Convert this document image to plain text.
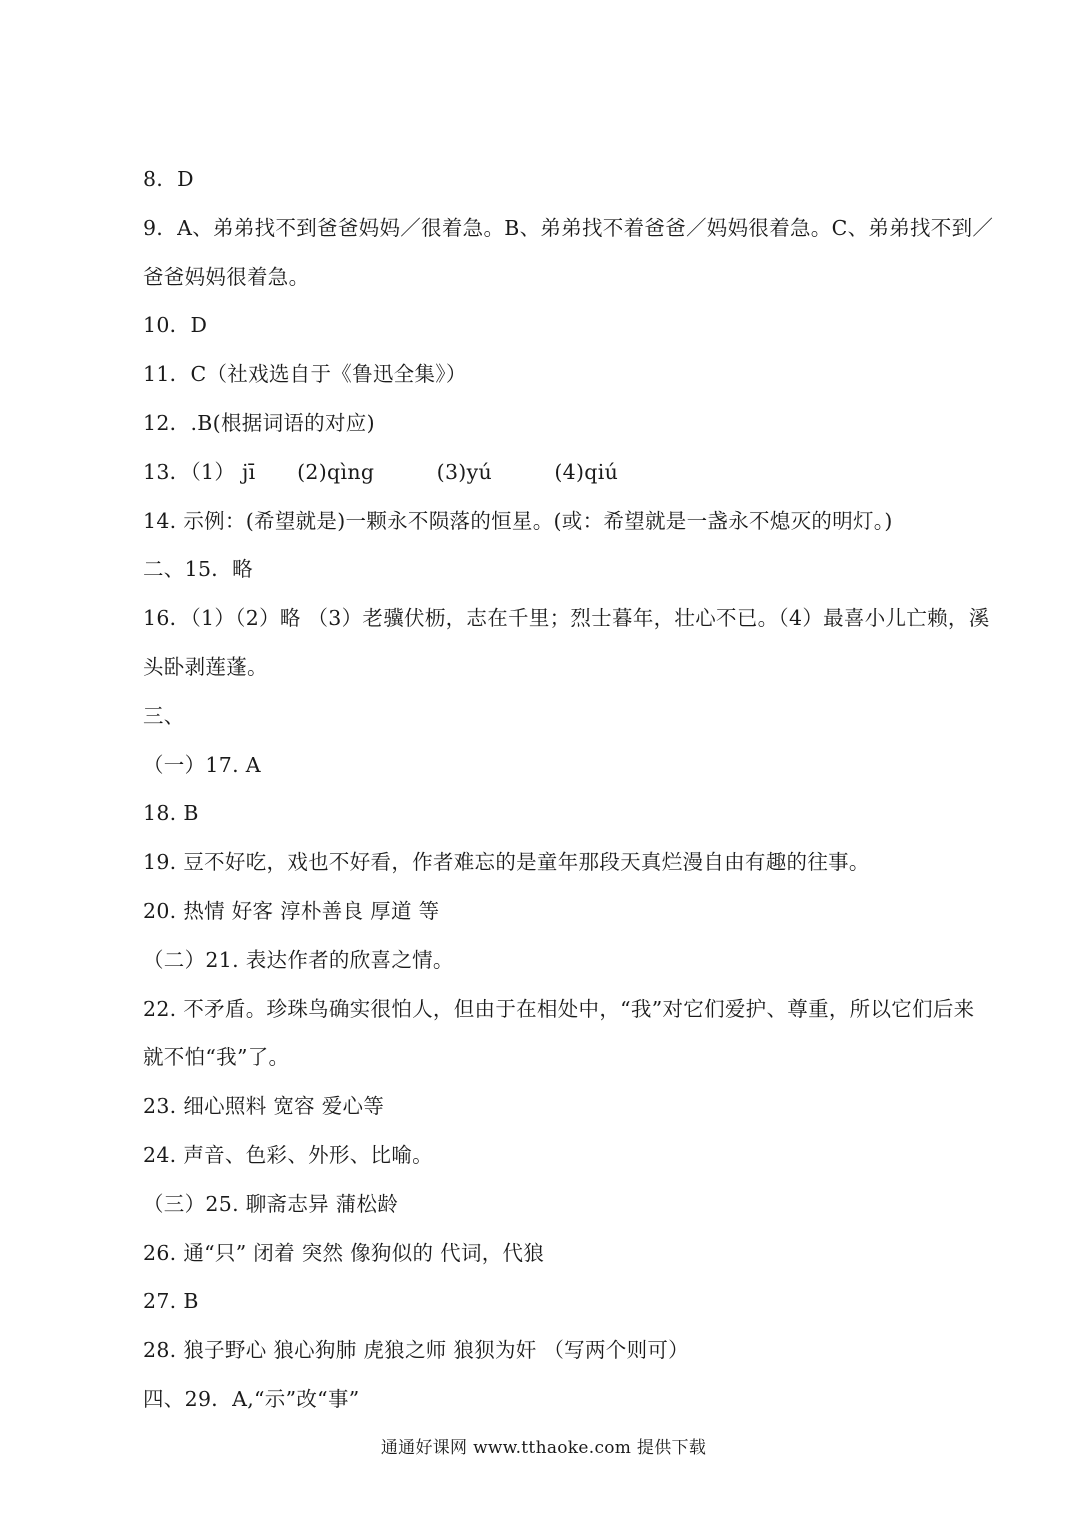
8．D
9．A、弟弟找不到爸爸妈妈／很着急。B、弟弟找不着爸爸／妈妈很着急。C、弟弟找不到／
爸爸妈妈很着急。
10．D
11．C（社戏选自于《鲁迅全集》）
12．.B(根据词语的对应)
13．（1） jī　　(2)qìng　　　(3)yú　　　(4)qiú
14. 示例：(希望就是)一颗永不陨落的恒星。(或：希望就是一盏永不熄灭的明灯。)
二、15．略
16．（1）（2）略 （3）老骥伏枥，志在千里；烈士暮年，壮心不已。（4）最喜小儿亡赖，溪
头卧剥莲蓬。
三、
（一）17. A
18. B
19. 豆不好吃，戏也不好看，作者难忘的是童年那段天真烂漫自由有趣的往事。
20. 热情 好客 淳朴善良 厚道 等
（二）21. 表达作者的欣喜之情。
22. 不矛盾。珍珠鸟确实很怕人，但由于在相处中，“我”对它们爱护、尊重，所以它们后来
就不怕“我”了。
23. 细心照料 宽容 爱心等
24. 声音、色彩、外形、比喻。
（三）25. 聊斋志异 蒲松龄
26. 通“只” 闭着 突然 像狗似的 代词，代狼
27. B
28. 狼子野心 狼心狗肺 虎狼之师 狼狈为奸 （写两个则可）
四、29．A,“示”改“事”
通通好课网 www.tthaoke.com 提供下载
